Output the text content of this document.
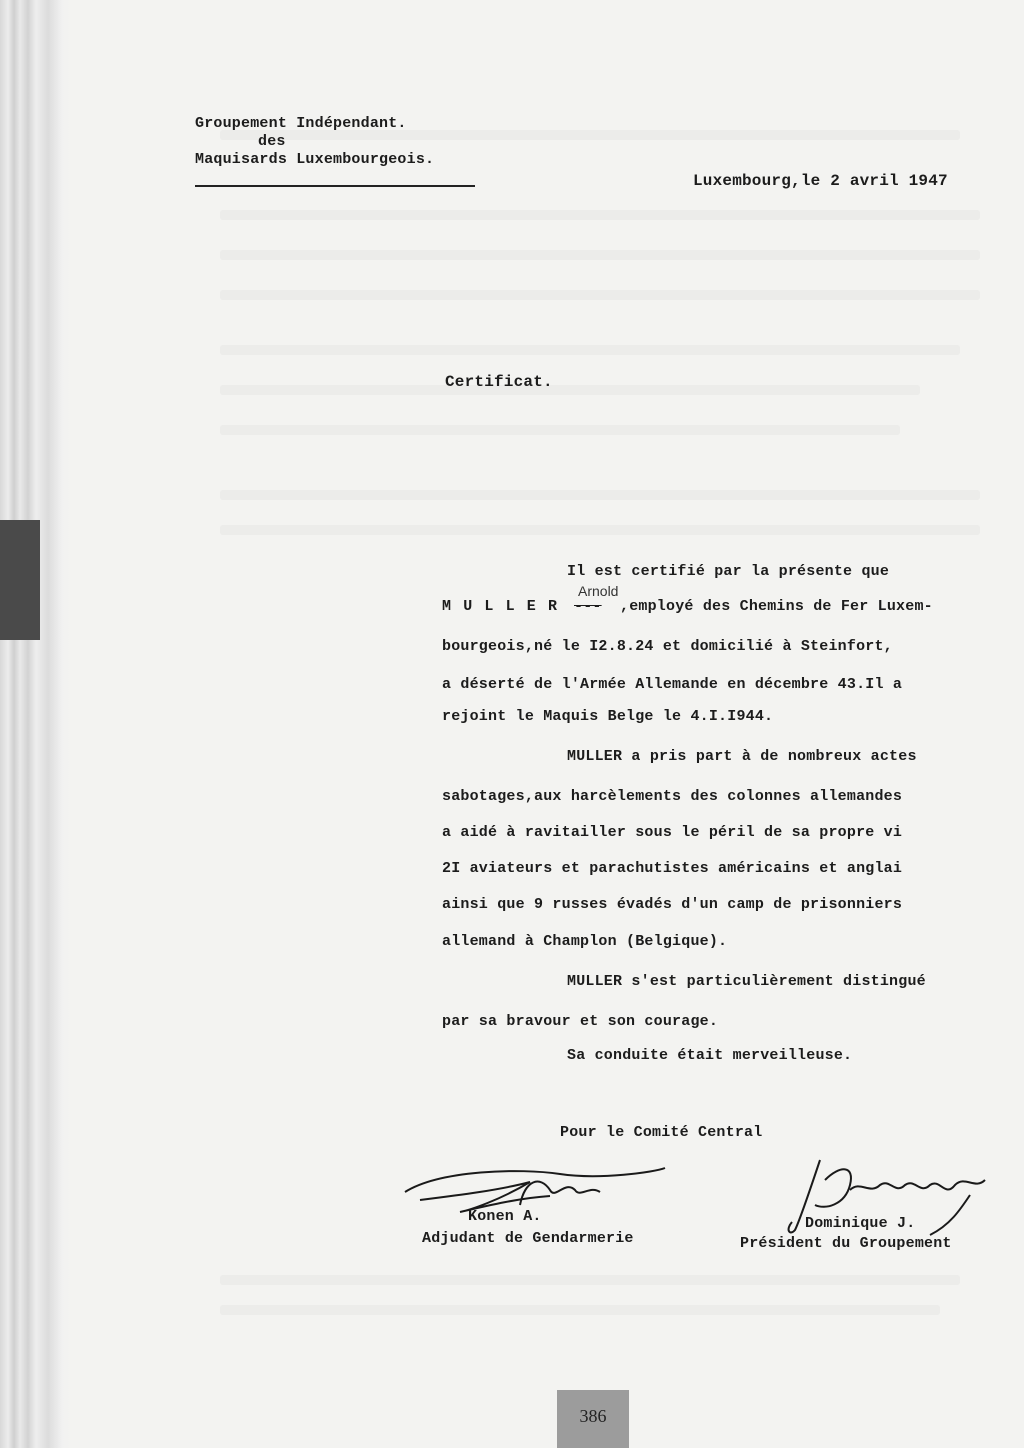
Groupement Indépendant.
des
Maquisards Luxembourgeois.
Luxembourg,le 2 avril 1947
Certificat.
Arnold
Il est certifié par la présente que
M U L L E R --- ,employé des Chemins de Fer Luxem-
bourgeois,né le I2.8.24 et domicilié à Steinfort,
a déserté de l'Armée Allemande en décembre 43.Il a
rejoint le Maquis Belge le 4.I.I944.
MULLER a pris part à de nombreux actes
sabotages,aux harcèlements des colonnes allemandes
a aidé à ravitailler sous le péril de sa propre vi
2I aviateurs et parachutistes américains et anglai
ainsi que 9 russes évadés d'un camp de prisonniers
allemand à Champlon (Belgique).
MULLER s'est particulièrement distingué
par sa bravour et son courage.
Sa conduite était merveilleuse.
Pour le Comité Central
Konen A.
Adjudant de Gendarmerie
Dominique J.
Président du Groupement
386
